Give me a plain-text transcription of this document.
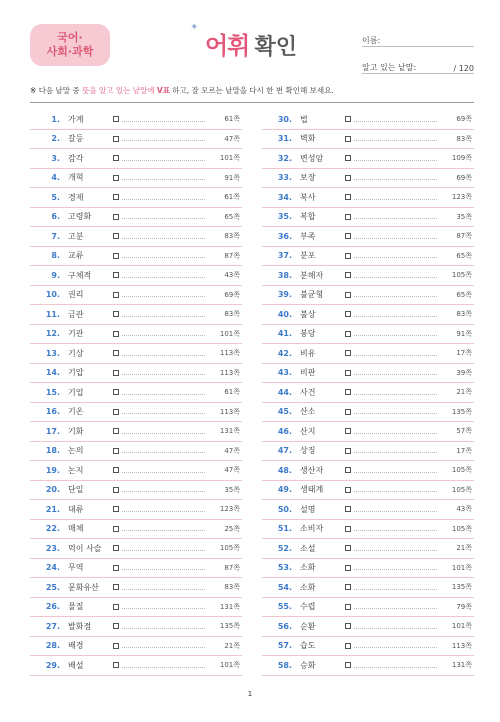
국어·
사회·과학
✦
어휘 확인	이름:
알고 있는 낱말:	/ 120
※ 다음 낱말 중 뜻을 알고 있는 낱말에 V표 하고, 잘 모르는 낱말을 다시 한 번 확인해 보세요.
1.	가계	61쪽
2.	갈등	47쪽
3.	감각	101쪽
4.	개혁	91쪽
5.	경제	61쪽
6.	고령화	65쪽
7.	고분	83쪽
8.	교류	87쪽
9.	구체적	43쪽
10.	권리	69쪽
11.	금관	83쪽
12.	기관	101쪽
13.	기상	113쪽
14.	기압	113쪽
15.	기업	61쪽
16.	기온	113쪽
17.	기화	131쪽
18.	논의	47쪽
19.	논지	47쪽
20.	단일	35쪽
21.	대류	123쪽
22.	매체	25쪽
23.	먹이 사슬	105쪽
24.	무역	87쪽
25.	문화유산	83쪽
26.	물질	131쪽
27.	발화점	135쪽
28.	배경	21쪽
29.	배설	101쪽
30.	법	69쪽
31.	벽화	83쪽
32.	변성암	109쪽
33.	보장	69쪽
34.	복사	123쪽
35.	복합	35쪽
36.	부족	87쪽
37.	분포	65쪽
38.	분해자	105쪽
39.	불균형	65쪽
40.	불상	83쪽
41.	붕당	91쪽
42.	비유	17쪽
43.	비판	39쪽
44.	사건	21쪽
45.	산소	135쪽
46.	산지	57쪽
47.	상징	17쪽
48.	생산자	105쪽
49.	생태계	105쪽
50.	설명	43쪽
51.	소비자	105쪽
52.	소설	21쪽
53.	소화	101쪽
54.	소화	135쪽
55.	수렵	79쪽
56.	순환	101쪽
57.	습도	113쪽
58.	승화	131쪽
1
